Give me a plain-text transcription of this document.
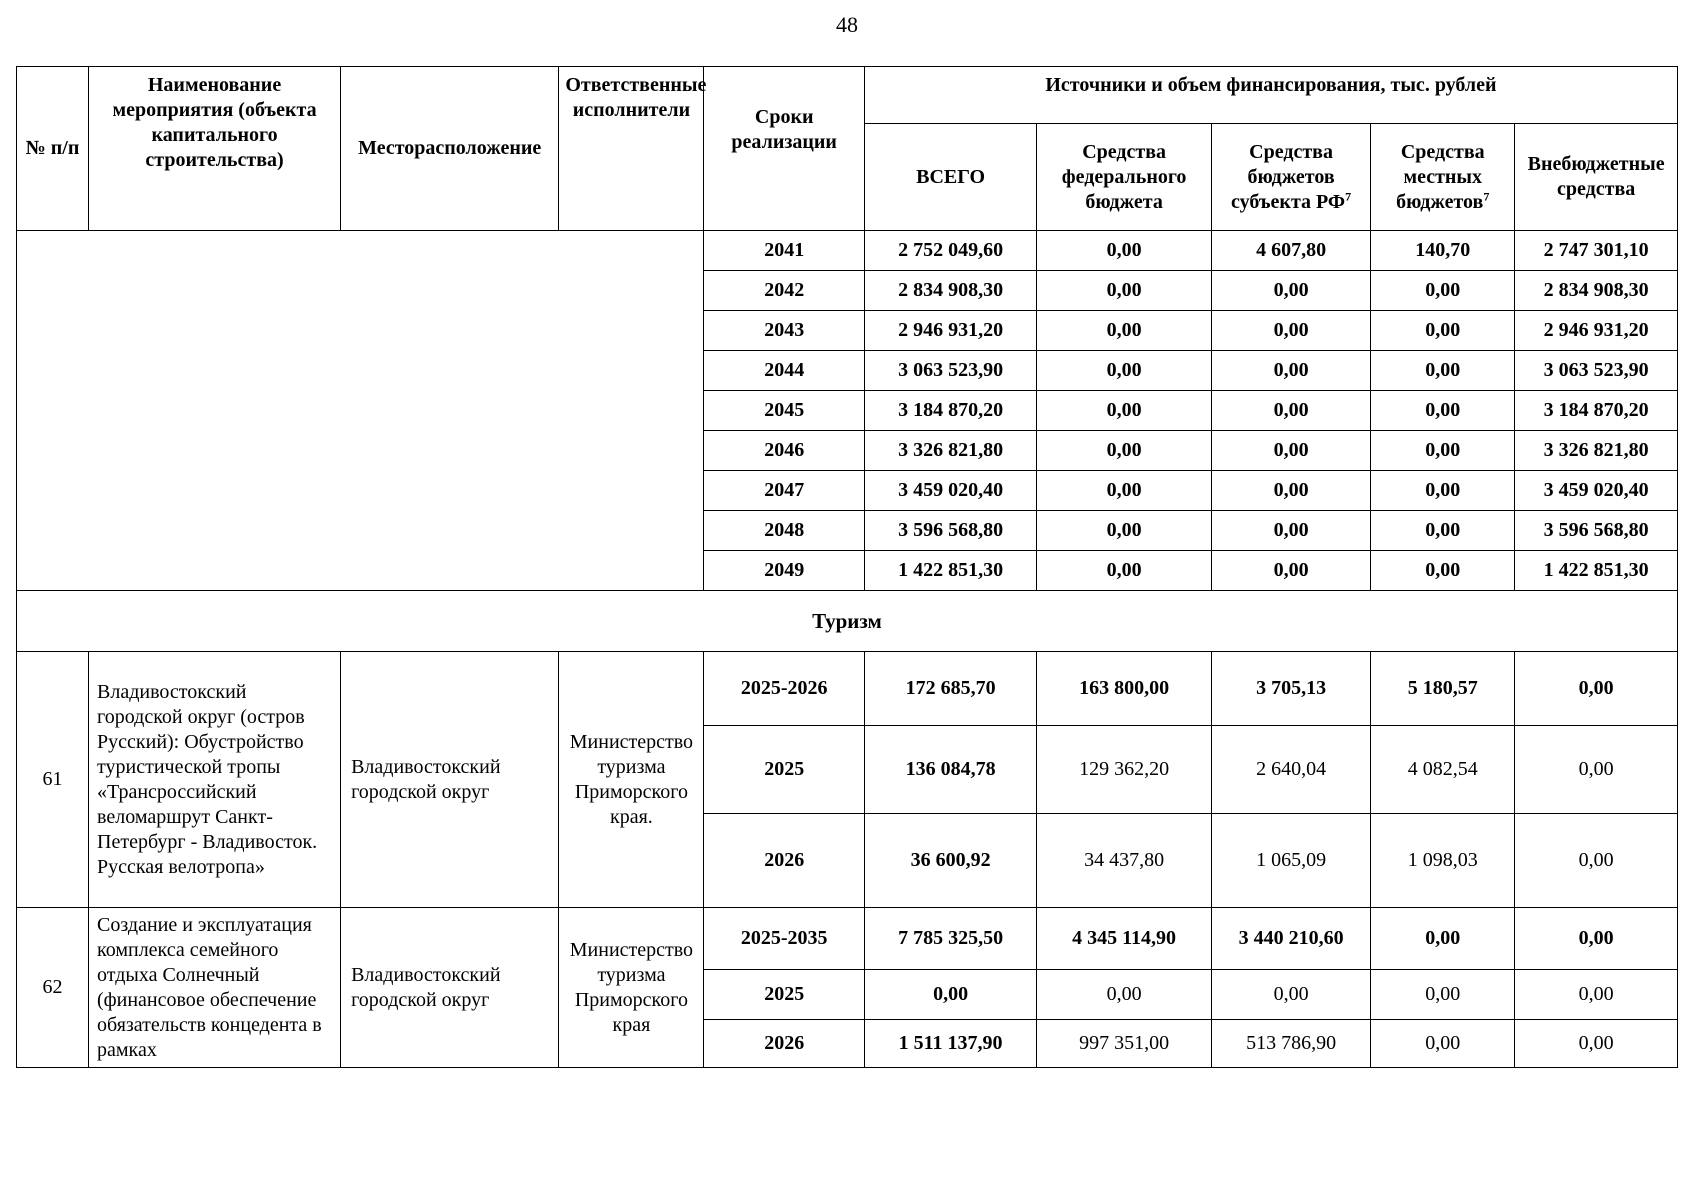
48
№ п/п	Наименование мероприятия (объекта капитального строительства)	Месторасположение	Ответственные исполнители	Сроки реализации	Источники и объем финансирования, тыс. рублей				
					ВСЕГО	Средства федерального бюджета	Средства бюджетов субъекта $РФ^7$	Средства местных бюджетов$^7$	Внебюджетные средства
				2041	2 752 049,60	0,00	4 607,80	140,70	2 747 301,10
				2042	2 834 908,30	0,00	0,00	0,00	2 834 908,30
				2043	2 946 931,20	0,00	0,00	0,00	2 946 931,20
				2044	3 063 523,90	0,00	0,00	0,00	3 063 523,90
				2045	3 184 870,20	0,00	0,00	0,00	3 184 870,20
				2046	3 326 821,80	0,00	0,00	0,00	3 326 821,80
				2047	3 459 020,40	0,00	0,00	0,00	3 459 020,40
				2048	3 596 568,80	0,00	0,00	0,00	3 596 568,80
				2049	1 422 851,30	0,00	0,00	0,00	1 422 851,30
Туризм									
61	Владивостокский городской округ (остров Русский): Обустройство туристической тропы «Трансроссийский веломаршрут Санкт-Петербург - Владивосток. Русская велотропа»	Владивостокский городской округ	Министерство туризма Приморского края.	2025-2026	172 685,70	163 800,00	3 705,13	5 180,57	0,00
				2025	136 084,78	129 362,20	2 640,04	4 082,54	0,00
				2026	36 600,92	34 437,80	1 065,09	1 098,03	0,00
62	Создание и эксплуатация комплекса семейного отдыха Солнечный (финансовое обеспечение обязательств концедента в рамках	Владивостокский городской округ	Министерство туризма Приморского края	2025-2035	7 785 325,50	4 345 114,90	3 440 210,60	0,00	0,00
				2025	0,00	0,00	0,00	0,00	0,00
				2026	1 511 137,90	997 351,00	513 786,90	0,00	0,00
